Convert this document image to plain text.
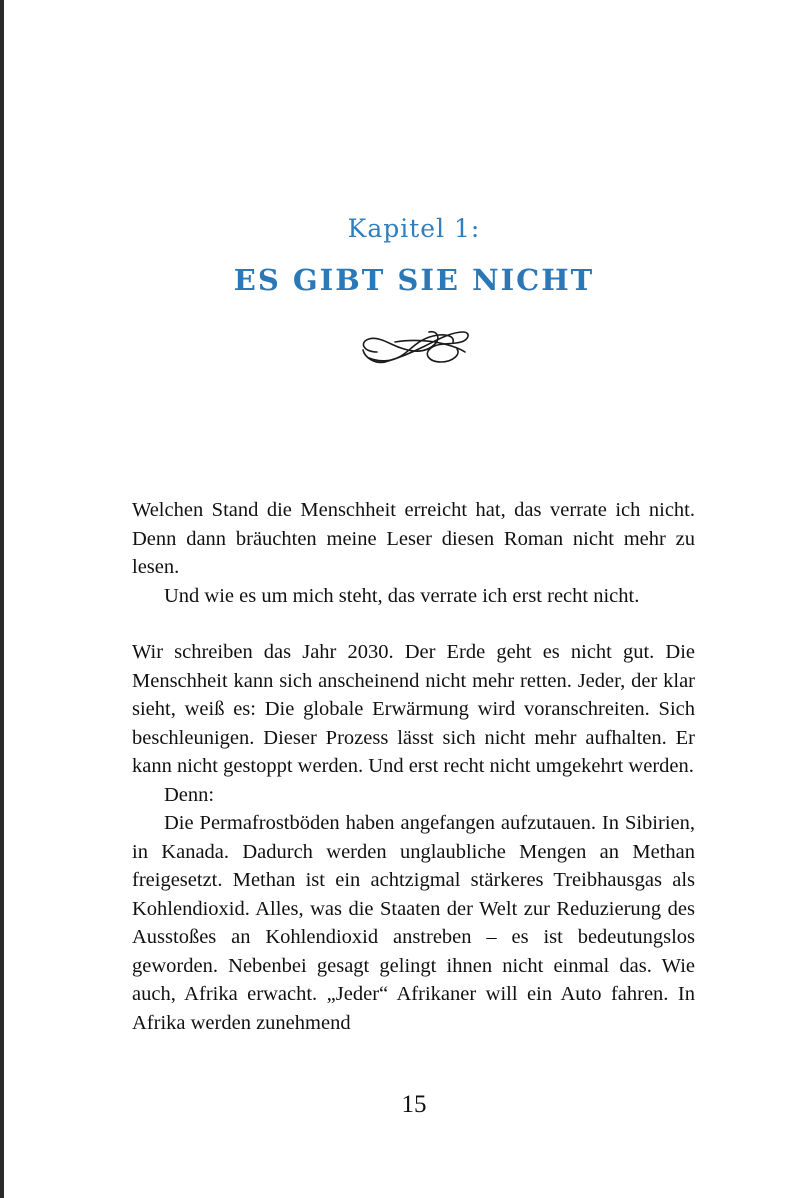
Kapitel 1:
ES GIBT SIE NICHT

Welchen Stand die Menschheit erreicht hat, das verrate ich nicht. Denn dann bräuchten meine Leser diesen Roman nicht mehr zu lesen.

Und wie es um mich steht, das verrate ich erst recht nicht.

Wir schreiben das Jahr 2030. Der Erde geht es nicht gut. Die Menschheit kann sich anscheinend nicht mehr retten. Jeder, der klar sieht, weiß es: Die globale Erwärmung wird voranschreiten. Sich beschleunigen. Dieser Prozess lässt sich nicht mehr aufhalten. Er kann nicht gestoppt werden. Und erst recht nicht umgekehrt werden.

Denn:

Die Permafrostböden haben angefangen aufzutauen. In Sibirien, in Kanada. Dadurch werden unglaubliche Mengen an Methan freigesetzt. Methan ist ein achtzigmal stärkeres Treibhausgas als Kohlendioxid. Alles, was die Staaten der Welt zur Reduzierung des Ausstoßes an Kohlendioxid anstreben – es ist bedeutungslos geworden. Nebenbei gesagt gelingt ihnen nicht einmal das. Wie auch, Afrika erwacht. „Jeder“ Afrikaner will ein Auto fahren. In Afrika werden zunehmend

15
